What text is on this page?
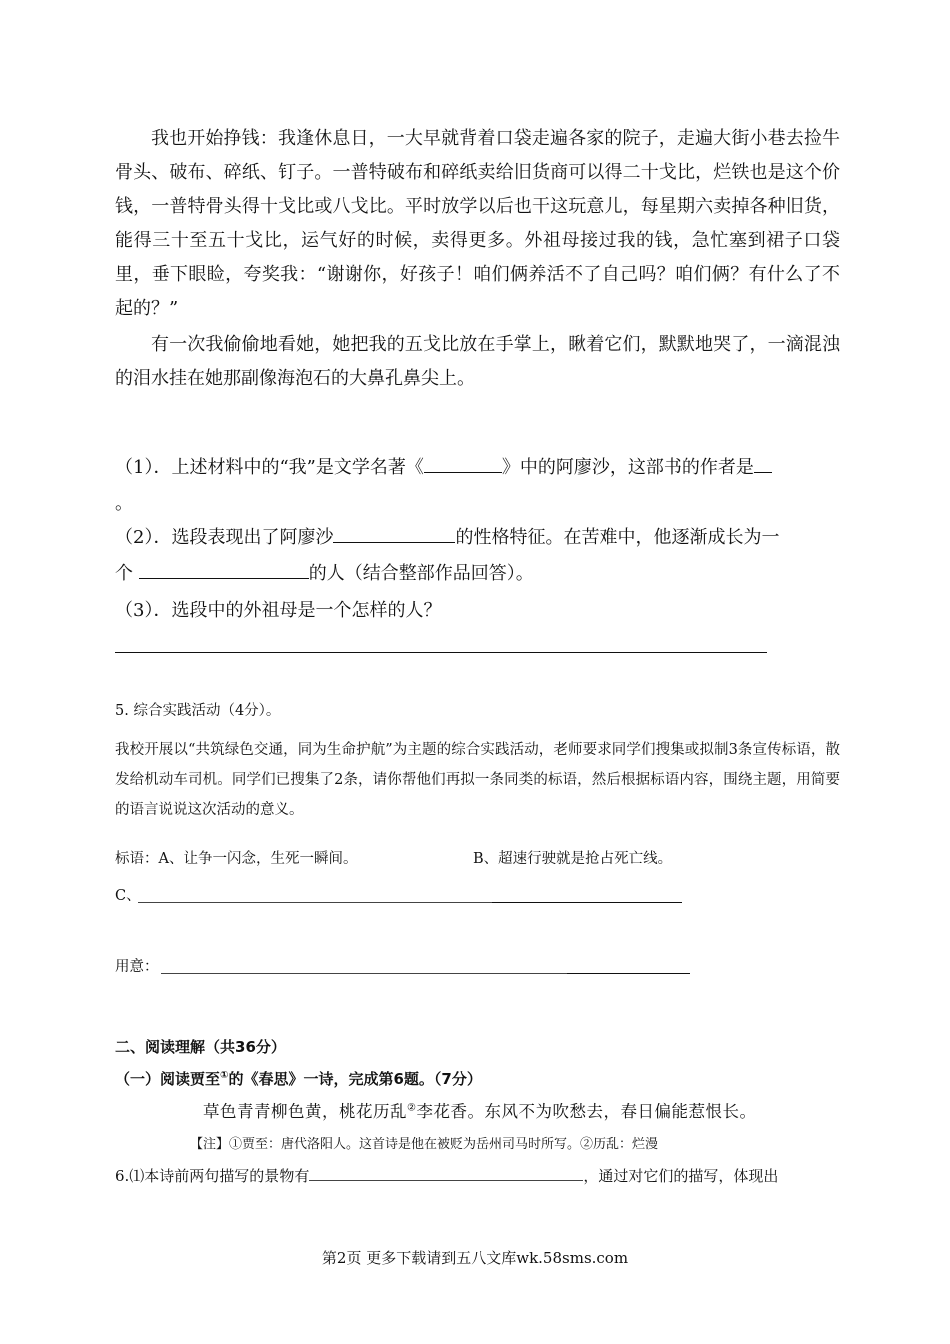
我也开始挣钱：我逢休息日，一大早就背着口袋走遍各家的院子，走遍大街小巷去捡牛骨头、破布、碎纸、钉子。一普特破布和碎纸卖给旧货商可以得二十戈比，烂铁也是这个价钱，一普特骨头得十戈比或八戈比。平时放学以后也干这玩意儿，每星期六卖掉各种旧货，能得三十至五十戈比，运气好的时候，卖得更多。外祖母接过我的钱，急忙塞到裙子口袋里，垂下眼睑，夸奖我：“谢谢你，好孩子！咱们俩养活不了自己吗？咱们俩？有什么了不起的？”

有一次我偷偷地看她，她把我的五戈比放在手掌上，瞅着它们，默默地哭了，一滴混浊的泪水挂在她那副像海泡石的大鼻孔鼻尖上。

（1）．上述材料中的“我”是文学名著《	》中的阿廖沙，这部书的作者是
。
（2）．选段表现出了阿廖沙	的性格特征。在苦难中，他逐渐成长为一
个	的人（结合整部作品回答）。
（3）．选段中的外祖母是一个怎样的人？
5. 综合实践活动（4分）。
我校开展以“共筑绿色交通，同为生命护航”为主题的综合实践活动，老师要求同学们搜集或拟制3条宣传标语，散发给机动车司机。同学们已搜集了2条，请你帮他们再拟一条同类的标语，然后根据标语内容，围绕主题，用简要的语言说说这次活动的意义。
标语：A、让争一闪念，生死一瞬间。	B、超速行驶就是抢占死亡线。
C、
用意：
二、阅读理解（共36分）
（一）阅读贾至①的《春思》一诗，完成第6题。（7分）
草色青青柳色黄，桃花历乱②李花香。东风不为吹愁去，春日偏能惹恨长。
【注】①贾至：唐代洛阳人。这首诗是他在被贬为岳州司马时所写。②历乱：烂漫
6.⑴本诗前两句描写的景物有	，通过对它们的描写，体现出
第2页 更多下载请到五八文库wk.58sms.com
